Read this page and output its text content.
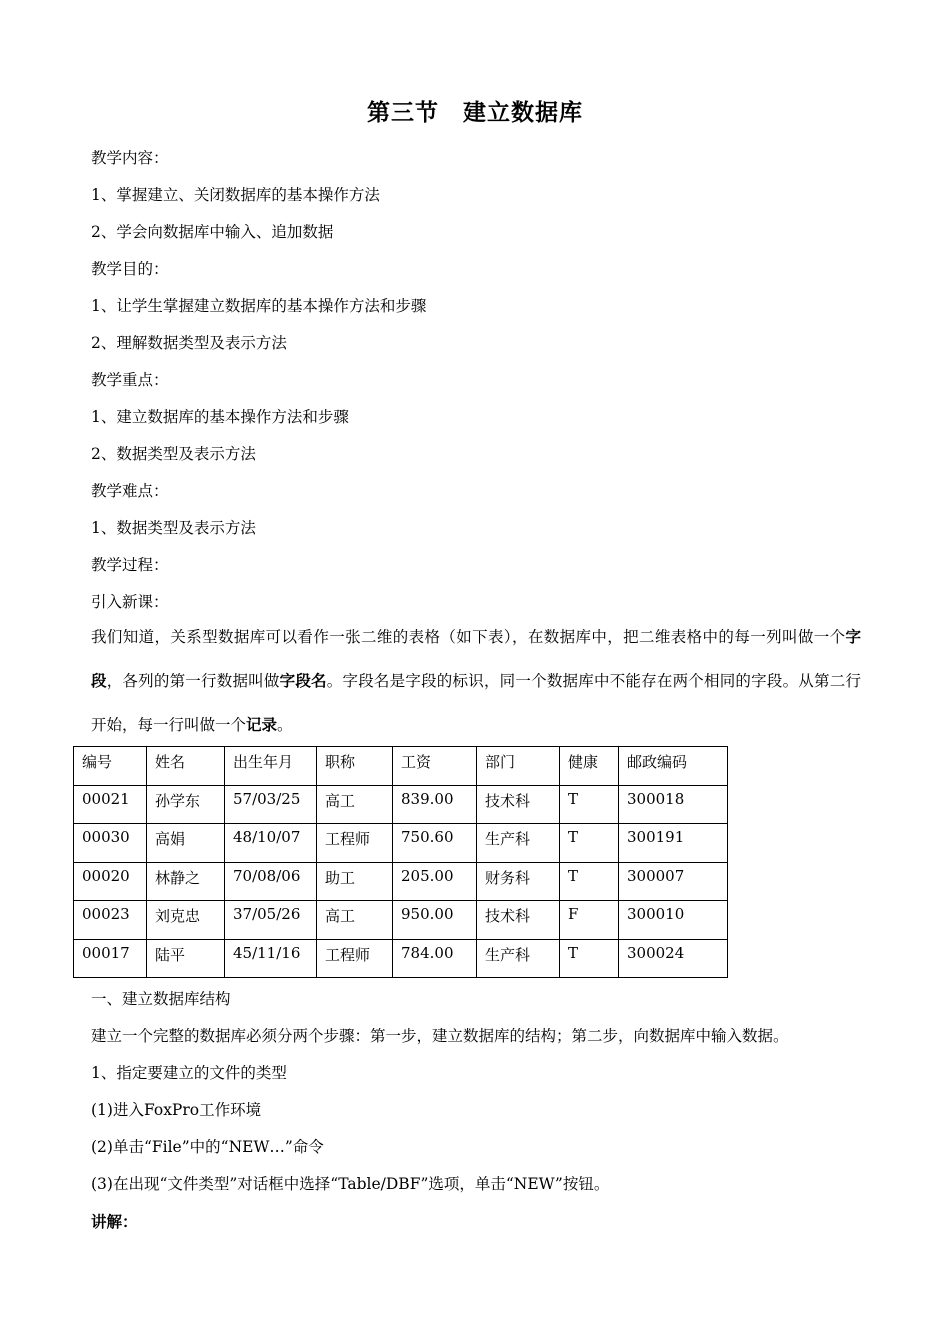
第三节　建立数据库
教学内容：
1、掌握建立、关闭数据库的基本操作方法
2、学会向数据库中输入、追加数据
教学目的：
1、让学生掌握建立数据库的基本操作方法和步骤
2、理解数据类型及表示方法
教学重点：
1、建立数据库的基本操作方法和步骤
2、数据类型及表示方法
教学难点：
1、数据类型及表示方法
教学过程：
引入新课：
我们知道，关系型数据库可以看作一张二维的表格（如下表），在数据库中，把二维表格中的每一列叫做一个字段，各列的第一行数据叫做字段名。字段名是字段的标识，同一个数据库中不能存在两个相同的字段。从第二行开始，每一行叫做一个记录。
编号	姓名	出生年月	职称	工资	部门	健康	邮政编码
00021	孙学东	57/03/25	高工	839.00	技术科	T	300018
00030	高娟	48/10/07	工程师	750.60	生产科	T	300191
00020	林静之	70/08/06	助工	205.00	财务科	T	300007
00023	刘克忠	37/05/26	高工	950.00	技术科	F	300010
00017	陆平	45/11/16	工程师	784.00	生产科	T	300024
一、建立数据库结构
建立一个完整的数据库必须分两个步骤：第一步，建立数据库的结构；第二步，向数据库中输入数据。
1、指定要建立的文件的类型
(1)进入FoxPro工作环境
(2)单击“File”中的“NEW…”命令
(3)在出现“文件类型”对话框中选择“Table/DBF”选项，单击“NEW”按钮。
讲解：
